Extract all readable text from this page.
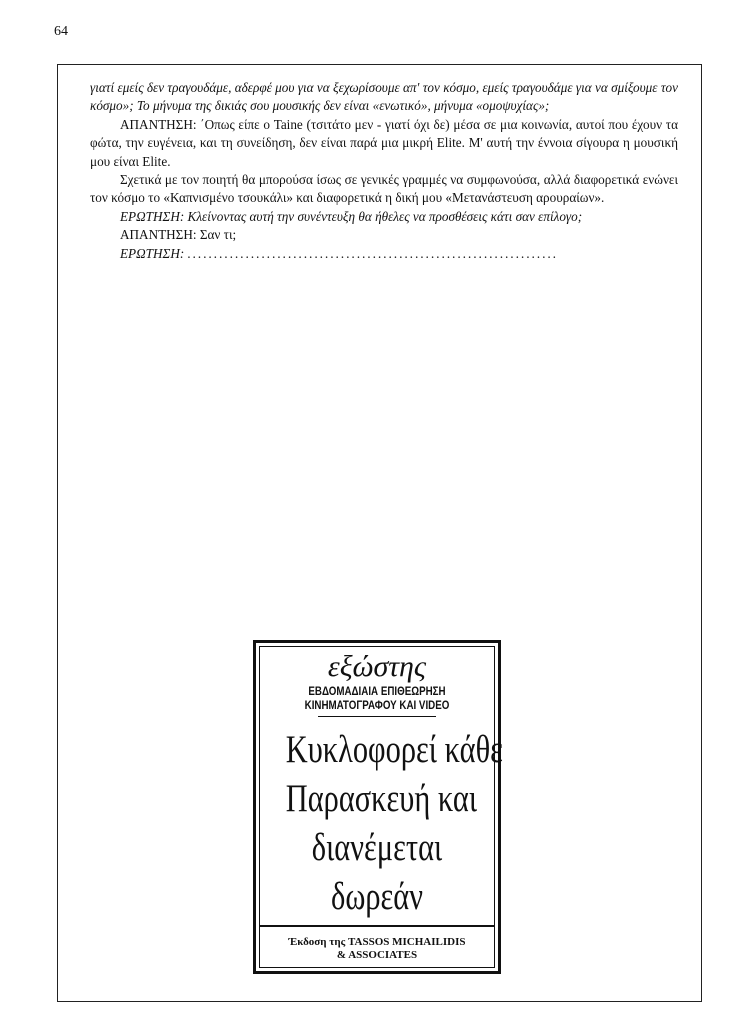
64

γιατί εμείς δεν τραγουδάμε, αδερφέ μου για να ξεχωρίσουμε απ' τον κόσμο, εμείς τραγουδάμε για να σμίξουμε τον κόσμο»; Το μήνυμα της δικιάς σου μουσικής δεν είναι «ενωτικό», μήνυμα «ομοψυχίας»;

ΑΠΑΝΤΗΣΗ: ΄Οπως είπε ο Taine (τσιτάτο μεν - γιατί όχι δε) μέσα σε μια κοινωνία, αυτοί που έχουν τα φώτα, την ευγένεια, και τη συνείδηση, δεν είναι παρά μια μικρή Elite. Μ' αυτή την έννοια σίγουρα η μουσική μου είναι Elite.

Σχετικά με τον ποιητή θα μπορούσα ίσως σε γενικές γραμμές να συμφωνούσα, αλλά διαφορετικά ενώνει τον κόσμο το «Καπνισμένο τσουκάλι» και διαφορετικά η δική μου «Μετανάστευση αρουραίων».

ΕΡΩΤΗΣΗ: Κλείνοντας αυτή την συνέντευξη θα ήθελες να προσθέσεις κάτι σαν επίλογο;

ΑΠΑΝΤΗΣΗ: Σαν τι;

ΕΡΩΤΗΣΗ: ......................................................................

εξώστης
ΕΒΔΟΜΑΔΙΑΙΑ ΕΠΙΘΕΩΡΗΣΗ
ΚΙΝΗΜΑΤΟΓΡΑΦΟΥ ΚΑΙ VIDEO
Κυκλοφορεί κάθε
Παρασκευή και
διανέμεται
δωρεάν
Έκδοση της TASSOS MICHAILIDIS
& ASSOCIATES
